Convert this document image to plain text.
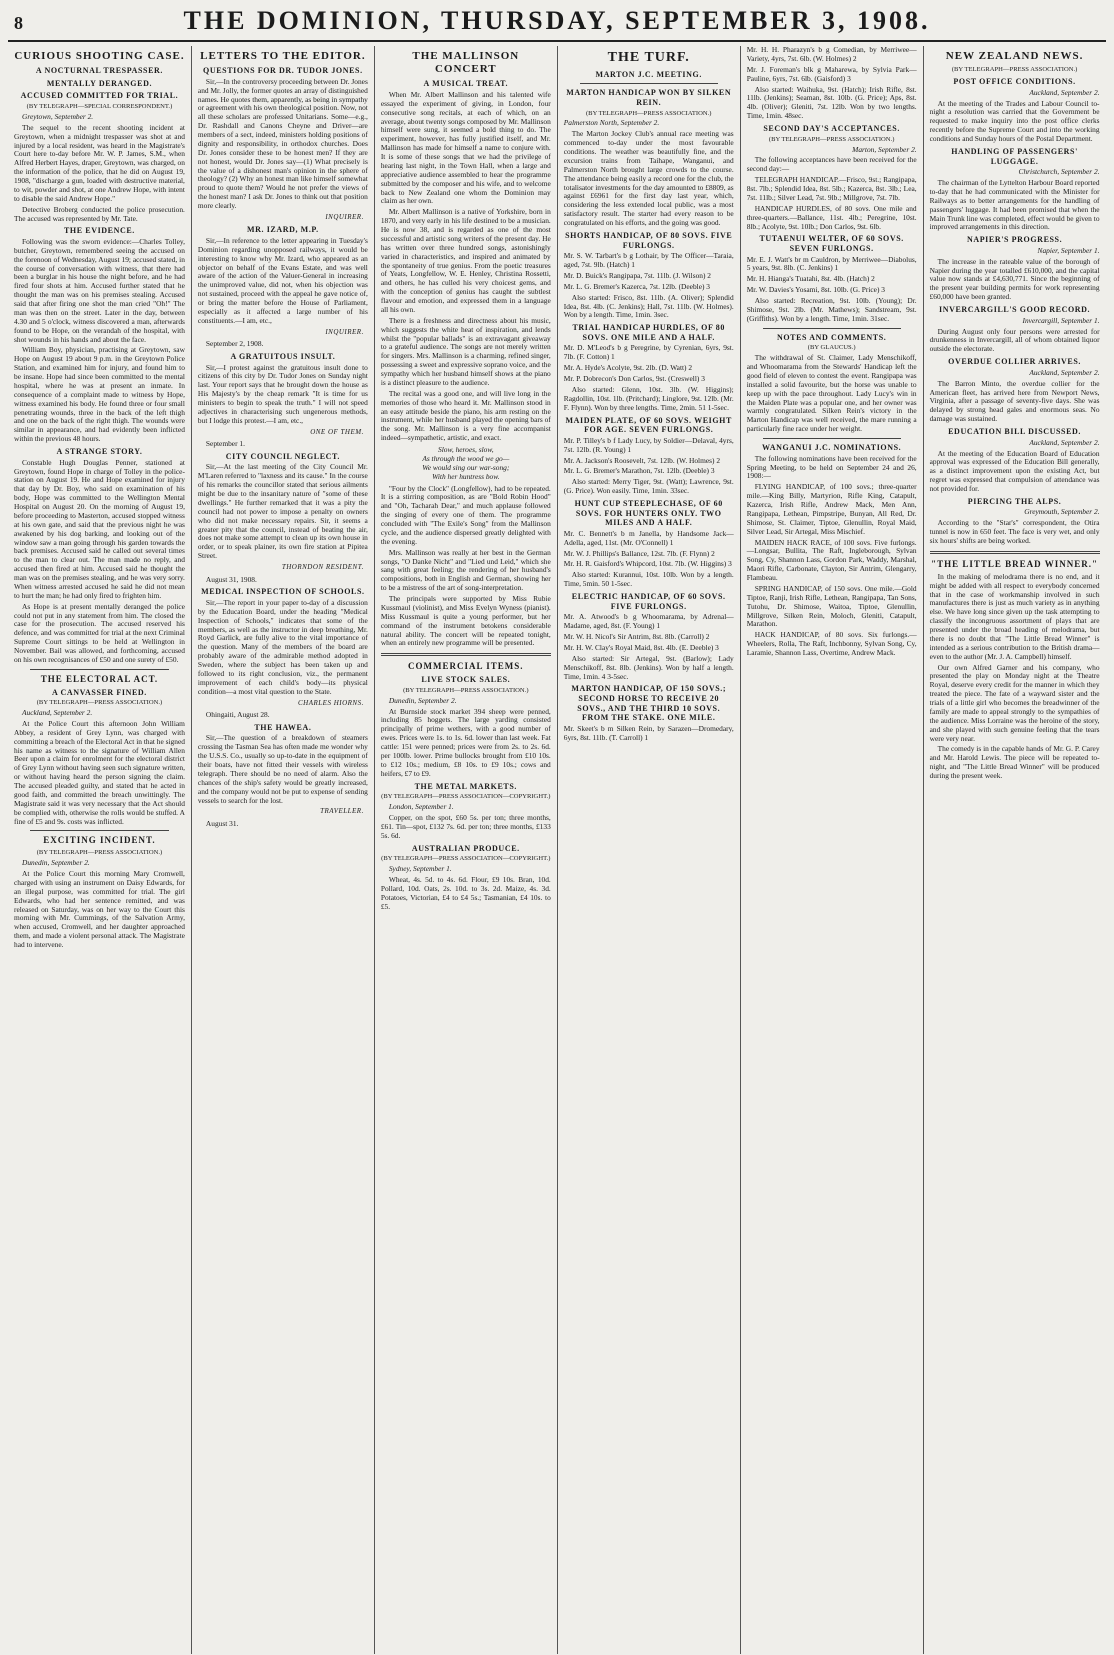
8	THE DOMINION, THURSDAY, SEPTEMBER 3, 1908.
CURIOUS SHOOTING CASE.
A NOCTURNAL TRESPASSER.
MENTALLY DERANGED.
ACCUSED COMMITTED FOR TRIAL.
(BY TELEGRAPH—SPECIAL CORRESPONDENT.)

Greytown, September 2.

The sequel to the recent shooting incident at Greytown, when a midnight trespasser was shot at and injured by a local resident, was heard in the Magistrate's Court here to-day before Mr. W. P. James, S.M., when Alfred Herbert Hayes, draper, Greytown, was charged, on the information of the police, that he did on August 19, 1908, "discharge a gun, loaded with destructive material, to wit, powder and shot, at one Andrew Hope, with intent to disable the said Andrew Hope."

Detective Broberg conducted the police prosecution. The accused was represented by Mr. Tate.

THE EVIDENCE.

Following was the sworn evidence:—Charles Tolley, butcher, Greytown, remembered seeing the accused on the forenoon of Wednesday, August 19; accused stated, in the course of conversation with witness, that there had been a burglar in his house the night before, and he had fired four shots at him. Accused further stated that he thought the man was on his premises stealing. Accused said that after firing one shot the man cried "Oh!" The man was then on the street. Later in the day, between 4.30 and 5 o'clock, witness discovered a man, afterwards found to be Hope, on the verandah of the hospital, with shot wounds in his hands and about the face.

William Boy, physician, practising at Greytown, saw Hope on August 19 about 9 p.m. in the Greytown Police Station, and examined him for injury, and found him to be insane. Hope had since been committed to the mental hospital, where he was at present an inmate. In consequence of a complaint made to witness by Hope, witness examined his body. He found three or four small penetrating wounds, three in the back of the left thigh and one on the back of the right thigh. The wounds were similar in appearance, and had evidently been inflicted within the previous 48 hours.

A STRANGE STORY.

Constable Hugh Douglas Penner, stationed at Greytown, found Hope in charge of Tolley in the police-station on August 19. He and Hope examined for injury that day by Dr. Boy, who said on examination of his body, Hope was committed to the Wellington Mental Hospital on August 20. On the morning of August 19, before proceeding to Masterton, accused stopped witness at his own gate, and said that the previous night he was awakened by his dog barking, and looking out of the window saw a man going through his garden towards the back premises. Accused said he called out several times to the man to clear out. The man made no reply, and accused then fired at him. Accused said he thought the man was on the premises stealing, and he was very sorry. When witness arrested accused he said he did not mean to hurt the man; he had only fired to frighten him.

As Hope is at present mentally deranged the police could not put in any statement from him. The closed the case for the prosecution. The accused reserved his defence, and was committed for trial at the next Criminal Supreme Court sittings to be held at Wellington in November. Bail was allowed, and forthcoming, accused on his own recognisances of £50 and one surety of £50.

THE ELECTORAL ACT.
A CANVASSER FINED.
(BY TELEGRAPH—PRESS ASSOCIATION.)

Auckland, September 2.

At the Police Court this afternoon John William Abbey, a resident of Grey Lynn, was charged with committing a breach of the Electoral Act in that he signed his name as witness to the signature of William Allen Beer upon a claim for enrolment for the electoral district of Grey Lynn without having seen such signature written, or without having heard the person signing the claim. The accused pleaded guilty, and stated that he acted in good faith, and committed the breach unwittingly. The Magistrate said it was very necessary that the Act should be complied with, otherwise the rolls would be stuffed. A fine of £5 and 9s. costs was inflicted.

EXCITING INCIDENT.
(BY TELEGRAPH—PRESS ASSOCIATION.)

Dunedin, September 2.

At the Police Court this morning Mary Cromwell, charged with using an instrument on Daisy Edwards, for an illegal purpose, was committed for trial. The girl Edwards, who had her sentence remitted, and was released on Saturday, was on her way to the Court this morning with Mr. Cummings, of the Salvation Army, when accused, Cromwell, and her daughter approached them, and made a violent personal attack. The Magistrate had to intervene.

LETTERS TO THE EDITOR.
QUESTIONS FOR DR. TUDOR JONES.

Sir,—In the controversy proceeding between Dr. Jones and Mr. Jolly, the former quotes an array of distinguished names. He quotes them, apparently, as being in sympathy or agreement with his own theological position. Now, not all these scholars are professed Unitarians. Some—e.g., Dr. Rashdall and Canons Cheyne and Driver—are members of a sect, indeed, ministers holding positions of dignity and responsibility, in orthodox churches. Does Dr. Jones consider these to be honest men? If they are not honest, would Dr. Jones say—(1) What precisely is the value of a dishonest man's opinion in the sphere of theology? (2) Why an honest man like himself somewhat proud to quote them? Would he not prefer the views of the honest man? I ask Dr. Jones to think out that position more clearly.

INQUIRER.
MR. IZARD, M.P.

Sir,—In reference to the letter appearing in Tuesday's Dominion regarding unopposed railways, it would be interesting to know why Mr. Izard, who appeared as an objector on behalf of the Evans Estate, and was well aware of the action of the Valuer-General in increasing the unimproved value, did not, when his objection was not sustained, proceed with the appeal he gave notice of, or bring the matter before the House of Parliament, especially as it affected a large number of his constituents.—I am, etc.,

INQUIRER.

September 2, 1908.

A GRATUITOUS INSULT.

Sir,—I protest against the gratuitous insult done to citizens of this city by Dr. Tudor Jones on Sunday night last. Your report says that he brought down the house as His Majesty's by the cheap remark "It is time for us ministers to begin to speak the truth." I will not speed adjectives in characterising such ungenerous methods, but I lodge this protest.—I am, etc.,

ONE OF THEM.

September 1.

CITY COUNCIL NEGLECT.

Sir,—At the last meeting of the City Council Mr. M'Laren referred to "laxness and its cause." In the course of his remarks the councillor stated that serious ailments might be due to the insanitary nature of "some of these dwellings." He further remarked that it was a pity the council had not power to impose a penalty on owners who did not make necessary repairs. Sir, it seems a greater pity that the council, instead of beating the air, does not make some attempt to clean up its own house in order, or to speak plainer, its own fire station at Pipitea Street.

THORNDON RESIDENT.

August 31, 1908.

MEDICAL INSPECTION OF SCHOOLS.

Sir,—The report in your paper to-day of a discussion by the Education Board, under the heading "Medical Inspection of Schools," indicates that some of the members, as well as the instructor in deep breathing, Mr. Royd Garlick, are fully alive to the vital importance of the question. Many of the members of the board are probably aware of the admirable method adopted in Sweden, where the subject has been taken up and followed to its right conclusion, viz., the permanent improvement of each child's body—its physical condition—a most vital question to the State.

CHARLES HIORNS.

Ohingaiti, August 28.

THE HAWEA.

Sir,—The question of a breakdown of steamers crossing the Tasman Sea has often made me wonder why the U.S.S. Co., usually so up-to-date in the equipment of their boats, have not fitted their vessels with wireless telegraph. There should be no need of alarm. Also the chances of the ship's safety would be greatly increased, and the company would not be put to expense of sending vessels to search for the lost.

TRAVELLER.

August 31.

THE MALLINSON CONCERT
A MUSICAL TREAT.

When Mr. Albert Mallinson and his talented wife essayed the experiment of giving, in London, four consecutive song recitals, at each of which, on an average, about twenty songs composed by Mr. Mallinson himself were sung, it seemed a bold thing to do. The experiment, however, has fully justified itself, and Mr. Mallinson has made for himself a name to conjure with. It is some of these songs that we had the privilege of hearing last night, in the Town Hall, when a large and appreciative audience assembled to hear the programme submitted by the composer and his wife, and to welcome back to New Zealand one whom the Dominion may claim as her own.

Mr. Albert Mallinson is a native of Yorkshire, born in 1870, and very early in his life destined to be a musician. He is now 38, and is regarded as one of the most successful and artistic song writers of the present day. He has written over three hundred songs, astonishingly varied in characteristics, and inspired and animated by the spontaneity of true genius. From the poetic treasures of Yeats, Longfellow, W. E. Henley, Christina Rossetti, and others, he has culled his very choicest gems, and with the conception of genius has caught the subtlest flavour and emotion, and expressed them in a language all his own.

There is a freshness and directness about his music, which suggests the white heat of inspiration, and lends whilst the "popular ballads" is an extravagant giveaway to a grateful audience. The songs are not merely written for singers. Mrs. Mallinson is a charming, refined singer, possessing a sweet and expressive soprano voice, and the sympathy which her husband himself shows at the piano is a distinct pleasure to the audience.

The recital was a good one, and will live long in the memories of those who heard it. Mr. Mallinson stood in an easy attitude beside the piano, his arm resting on the instrument, while her husband played the opening bars of the song. Mr. Mallinson is a very fine accompanist indeed—sympathetic, artistic, and exact.

Slow, heroes, slow,
As through the wood we go—
We would sing our war-song;
With her huntress bow.

"Four by the Clock" (Longfellow), had to be repeated. It is a stirring composition, as are "Bold Robin Hood" and "Oh, Tacharah Dear," and much applause followed the singing of every one of them. The programme concluded with "The Exile's Song" from the Mallinson cycle, and the audience dispersed greatly delighted with the evening.

Mrs. Mallinson was really at her best in the German songs, "O Danke Nicht" and "Lied und Leid," which she sang with great feeling; the rendering of her husband's compositions, both in English and German, showing her to be a mistress of the art of song-interpretation.

The principals were supported by Miss Rubie Kussmaul (violinist), and Miss Evelyn Wyness (pianist). Miss Kussmaul is quite a young performer, but her command of the instrument betokens considerable natural ability. The concert will be repeated tonight, when an entirely new programme will be presented.

COMMERCIAL ITEMS.
LIVE STOCK SALES.
(BY TELEGRAPH—PRESS ASSOCIATION.)

Dunedin, September 2.

At Burnside stock market 394 sheep were penned, including 85 hoggets. The large yarding consisted principally of prime wethers, with a good number of ewes. Prices were 1s. to 1s. 6d. lower than last week. Fat cattle: 151 were penned; prices were from 2s. to 2s. 6d. per 100lb. lower. Prime bullocks brought from £10 10s. to £12 10s.; medium, £8 10s. to £9 10s.; cows and heifers, £7 to £9.

THE METAL MARKETS.
(BY TELEGRAPH—PRESS ASSOCIATION—COPYRIGHT.)

London, September 1.

Copper, on the spot, £60 5s. per ton; three months, £61. Tin—spot, £132 7s. 6d. per ton; three months, £133 5s. 6d.

AUSTRALIAN PRODUCE.
(BY TELEGRAPH—PRESS ASSOCIATION—COPYRIGHT.)

Sydney, September 1.

Wheat, 4s. 5d. to 4s. 6d. Flour, £9 10s. Bran, 10d. Pollard, 10d. Oats, 2s. 10d. to 3s. 2d. Maize, 4s. 3d. Potatoes, Victorian, £4 to £4 5s.; Tasmanian, £4 10s. to £5.

THE TURF.
MARTON J.C. MEETING.
MARTON HANDICAP WON BY SILKEN REIN.
(BY TELEGRAPH—PRESS ASSOCIATION.)

Palmerston North, September 2.

The Marton Jockey Club's annual race meeting was commenced to-day under the most favourable conditions. The weather was beautifully fine, and the excursion trains from Taihape, Wanganui, and Palmerston North brought large crowds to the course. The attendance being easily a record one for the club, the totalisator investments for the day amounted to £8809, as against £6961 for the first day last year, which, considering the less extended local public, was a most satisfactory result. The starter had every reason to be congratulated on his efforts, and the going was good.

SHORTS HANDICAP, OF 80 SOVS. FIVE FURLONGS.

Mr. S. W. Tarbart's b g Lothair, by The Officer—Taraia, aged, 7st. 9lb. (Hatch) 1

Mr. D. Buick's Rangipapa, 7st. 11lb. (J. Wilson) 2

Mr. L. G. Bremer's Kazerca, 7st. 12lb. (Deeble) 3

Also started: Frisco, 8st. 11lb. (A. Oliver); Splendid Idea, 8st. 4lb. (C. Jenkins); Hall, 7st. 11lb. (W. Holmes). Won by a length. Time, 1min. 3sec.

TRIAL HANDICAP HURDLES, OF 80 SOVS. ONE MILE AND A HALF.

Mr. D. M'Leod's b g Peregrine, by Cyrenian, 6yrs, 9st. 7lb. (F. Cotton) 1

Mr. A. Hyde's Acolyte, 9st. 2lb. (D. Watt) 2

Mr. P. Dobrecon's Don Carlos, 9st. (Creswell) 3

Also started: Glenn, 10st. 3lb. (W. Higgins); Ragdollin, 10st. 1lb. (Pritchard); Linglore, 9st. 12lb. (Mr. F. Flynn). Won by three lengths. Time, 2min. 51 1-5sec.

MAIDEN PLATE, OF 60 SOVS. WEIGHT FOR AGE. SEVEN FURLONGS.

Mr. P. Tilley's b f Lady Lucy, by Soldier—Delaval, 4yrs, 7st. 12lb. (R. Young) 1

Mr. A. Jackson's Roosevelt, 7st. 12lb. (W. Holmes) 2

Mr. L. G. Bremer's Marathon, 7st. 12lb. (Deeble) 3

Also started: Merry Tiger, 9st. (Watt); Lawrence, 9st. (G. Price). Won easily. Time, 1min. 33sec.

HUNT CUP STEEPLECHASE, OF 60 SOVS. FOR HUNTERS ONLY. TWO MILES AND A HALF.

Mr. C. Bennett's b m Janella, by Handsome Jack—Adella, aged, 11st. (Mr. O'Connell) 1

Mr. W. J. Phillips's Ballance, 12st. 7lb. (F. Flynn) 2

Mr. H. R. Gaisford's Whipcord, 10st. 7lb. (W. Higgins) 3

Also started: Kurannui, 10st. 10lb. Won by a length. Time, 5min. 50 1-5sec.

ELECTRIC HANDICAP, OF 60 SOVS. FIVE FURLONGS.

Mr. A. Atwood's b g Whoomarama, by Adrenal—Madame, aged, 8st. (F. Young) 1

Mr. W. H. Nicol's Sir Antrim, 8st. 8lb. (Carroll) 2

Mr. H. W. Clay's Royal Maid, 8st. 4lb. (E. Deeble) 3

Also started: Sir Artegal, 9st. (Barlow); Lady Menschikoff, 8st. 8lb. (Jenkins). Won by half a length. Time, 1min. 4 3-5sec.

MARTON HANDICAP, OF 150 SOVS.; SECOND HORSE TO RECEIVE 20 SOVS., AND THE THIRD 10 SOVS. FROM THE STAKE. ONE MILE.

Mr. Skeet's b m Silken Rein, by Sarazen—Dromedary, 6yrs, 8st. 11lb. (T. Carroll) 1

Mr. H. H. Pharazyn's b g Comedian, by Merriwee—Variety, 4yrs, 7st. 6lb. (W. Holmes) 2

Mr. J. Foreman's blk g Maharewa, by Sylvia Park—Pauline, 6yrs, 7st. 6lb. (Gaisford) 3

Also started: Waihuka, 9st. (Hatch); Irish Rifle, 8st. 11lb. (Jenkins); Seaman, 8st. 10lb. (G. Price); Aps, 8st. 4lb. (Oliver); Gleniti, 7st. 12lb. Won by two lengths. Time, 1min. 48sec.

SECOND DAY'S ACCEPTANCES.
(BY TELEGRAPH—PRESS ASSOCIATION.)

Marton, September 2.

The following acceptances have been received for the second day:—

TELEGRAPH HANDICAP.—Frisco, 9st.; Rangipapa, 8st. 7lb.; Splendid Idea, 8st. 5lb.; Kazerca, 8st. 3lb.; Lea, 7st. 11lb.; Silver Lead, 7st. 9lb.; Millgrove, 7st. 7lb.

HANDICAP HURDLES, of 80 sovs. One mile and three-quarters.—Ballance, 11st. 4lb.; Peregrine, 10st. 8lb.; Acolyte, 9st. 10lb.; Don Carlos, 9st. 6lb.

TUTAENUI WELTER, OF 60 SOVS. SEVEN FURLONGS.

Mr. E. J. Watt's br m Cauldron, by Merriwee—Diabolus, 5 years, 9st. 8lb. (C. Jenkins) 1

Mr. H. Hianga's Tuatahi, 8st. 4lb. (Hatch) 2

Mr. W. Davies's Yosami, 8st. 10lb. (G. Price) 3

Also started: Recreation, 9st. 10lb. (Young); Dr. Shimose, 9st. 2lb. (Mr. Mathews); Sandstream, 9st. (Griffiths). Won by a length. Time, 1min. 31sec.

NOTES AND COMMENTS.
(BY GLAUCUS.)

The withdrawal of St. Claimer, Lady Menschikoff, and Whoomarama from the Stewards' Handicap left the good field of eleven to contest the event. Rangipapa was installed a solid favourite, but the horse was unable to keep up with the pace throughout. Lady Lucy's win in the Maiden Plate was a popular one, and her owner was warmly congratulated. Silken Rein's victory in the Marton Handicap was well received, the mare running a particularly fine race under her weight.

WANGANUI J.C. NOMINATIONS.

The following nominations have been received for the Spring Meeting, to be held on September 24 and 26, 1908:—

FLYING HANDICAP, of 100 sovs.; three-quarter mile.—King Billy, Martyrion, Rifle King, Catapult, Kazerca, Irish Rifle, Andrew Mack, Men Ann, Rangipapa, Lethean, Pimpstripe, Bunyan, All Red, Dr. Shimose, St. Claimer, Tiptoe, Glenullin, Royal Maid, Silver Lead, Sir Artegal, Miss Mischief.

MAIDEN HACK RACE, of 100 sovs. Five furlongs.—Longsar, Bullita, The Raft, Ingleborough, Sylvan Song, Cy, Shannon Lass, Gordon Park, Waddy, Marshal, Maori Rifle, Carbonate, Clayton, Sir Antrim, Glengarry, Flambeau.

SPRING HANDICAP, of 150 sovs. One mile.—Gold Tiptoe, Ranji, Irish Rifle, Lethean, Rangipapa, Tan Sons, Tutohu, Dr. Shimose, Waitoa, Tiptoe, Glenullin, Millgrove, Silken Rein, Moloch, Gleniti, Catapult, Marathon.

HACK HANDICAP, of 80 sovs. Six furlongs.—Wheelers, Rolla, The Raft, Inchbonny, Sylvan Song, Cy, Laramie, Shannon Lass, Overtime, Andrew Mack.

NEW ZEALAND NEWS.
(BY TELEGRAPH—PRESS ASSOCIATION.)
POST OFFICE CONDITIONS.

Auckland, September 2.

At the meeting of the Trades and Labour Council to-night a resolution was carried that the Government be requested to make inquiry into the post office clerks recently before the Supreme Court and into the working conditions and Sunday hours of the Postal Department.

HANDLING OF PASSENGERS' LUGGAGE.

Christchurch, September 2.

The chairman of the Lyttelton Harbour Board reported to-day that he had communicated with the Minister for Railways as to better arrangements for the handling of passengers' luggage. It had been promised that when the Main Trunk line was completed, effect would be given to improved arrangements in this direction.

NAPIER'S PROGRESS.

Napier, September 1.

The increase in the rateable value of the borough of Napier during the year totalled £610,000, and the capital value now stands at £4,630,771. Since the beginning of the present year building permits for work representing £60,000 have been granted.

INVERCARGILL'S GOOD RECORD.

Invercargill, September 1.

During August only four persons were arrested for drunkenness in Invercargill, all of whom obtained liquor outside the electorate.

OVERDUE COLLIER ARRIVES.

Auckland, September 2.

The Barron Minto, the overdue collier for the American fleet, has arrived here from Newport News, Virginia, after a passage of seventy-five days. She was delayed by strong head gales and enormous seas. No damage was sustained.

EDUCATION BILL DISCUSSED.

Auckland, September 2.

At the meeting of the Education Board of Education approval was expressed of the Education Bill generally, as a distinct improvement upon the existing Act, but regret was expressed that compulsion of attendance was not provided for.

PIERCING THE ALPS.

Greymouth, September 2.

According to the "Star's" correspondent, the Otira tunnel is now in 650 feet. The face is very wet, and only six hours' shifts are being worked.

"THE LITTLE BREAD WINNER."

In the making of melodrama there is no end, and it might be added with all respect to everybody concerned that in the case of workmanship involved in such manufactures there is just as much variety as in anything else. We have long since given up the task attempting to classify the incongruous assortment of plays that are presented under the broad heading of melodrama, but there is no doubt that "The Little Bread Winner" is intended as a serious contribution to the British drama—even to the author (Mr. J. A. Campbell) himself.

Our own Alfred Garner and his company, who presented the play on Monday night at the Theatre Royal, deserve every credit for the manner in which they treated the piece. The fate of a wayward sister and the trials of a little girl who becomes the breadwinner of the family are made to appeal strongly to the sympathies of the audience. Miss Lorraine was the heroine of the story, and she played with such genuine feeling that the tears were very near.

The comedy is in the capable hands of Mr. G. P. Carey and Mr. Harold Lewis. The piece will be repeated to-night, and "The Little Bread Winner" will be produced during the present week.
